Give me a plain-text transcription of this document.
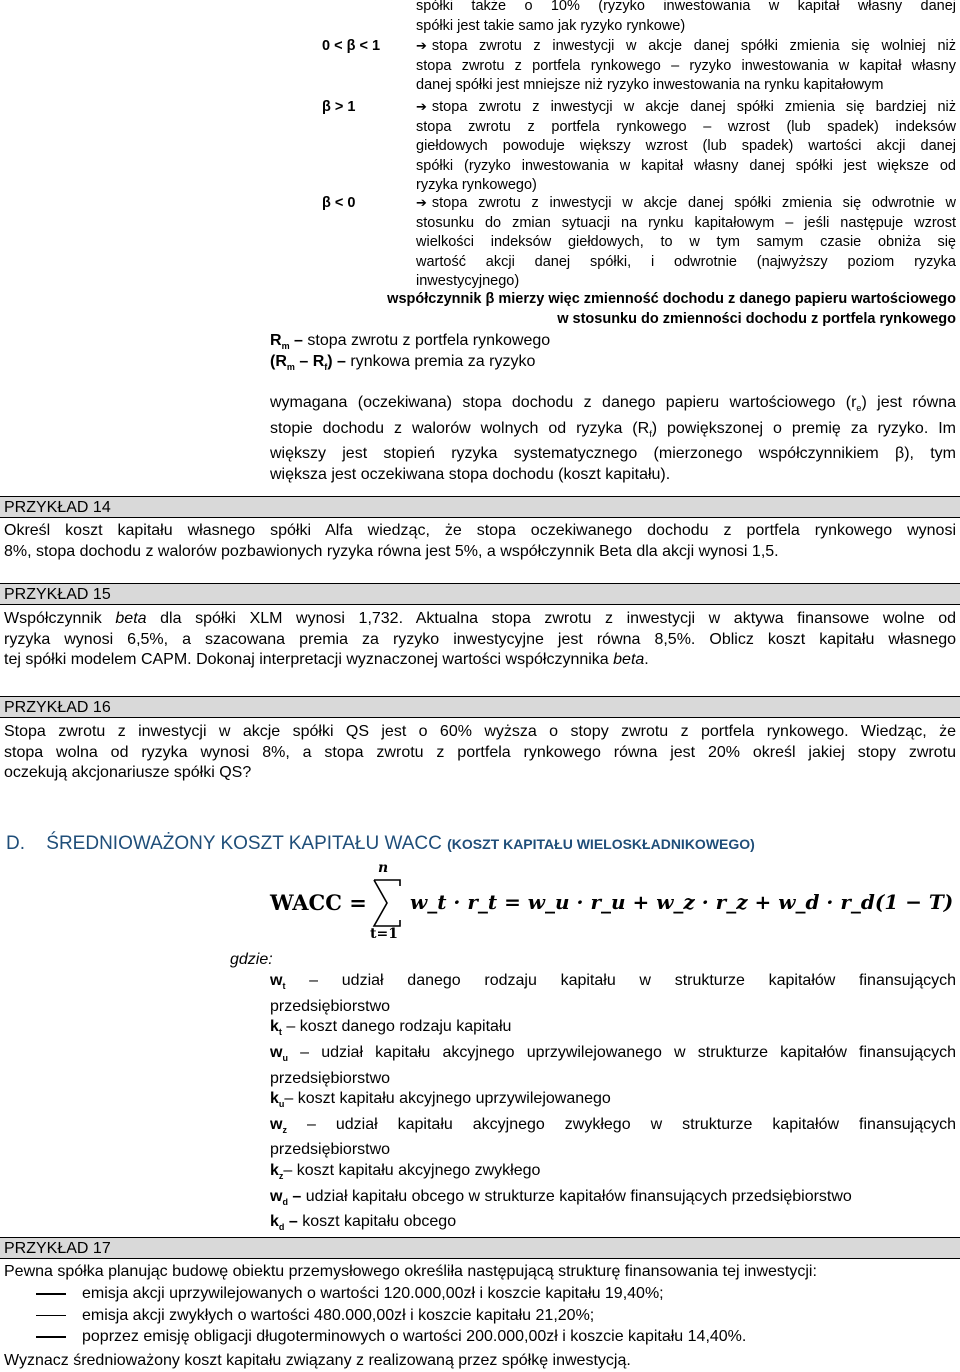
spółki także o 10% (ryzyko inwestowania w kapitał własny danej
spółki jest takie samo jak ryzyko rynkowe)
0 < β < 1	➔ stopa zwrotu z inwestycji w akcje danej spółki zmienia się wolniej niż
stopa zwrotu z portfela rynkowego – ryzyko inwestowania w kapitał własny
danej spółki jest mniejsze niż ryzyko inwestowania na rynku kapitałowym
β > 1	➔ stopa zwrotu z inwestycji w akcje danej spółki zmienia się bardziej niż
stopa zwrotu z portfela rynkowego – wzrost (lub spadek) indeksów
giełdowych powoduje większy wzrost (lub spadek) wartości akcji danej
spółki (ryzyko inwestowania w kapitał własny danej spółki jest większe od
ryzyka rynkowego)
β < 0	➔ stopa zwrotu z inwestycji w akcje danej spółki zmienia się odwrotnie w
stosunku do zmian sytuacji na rynku kapitałowym – jeśli następuje wzrost
wielkości indeksów giełdowych, to w tym samym czasie obniża się
wartość akcji danej spółki, i odwrotnie (najwyższy poziom ryzyka
inwestycyjnego)
współczynnik β mierzy więc zmienność dochodu z danego papieru wartościowego
w stosunku do zmienności dochodu z portfela rynkowego
$R_m$ – stopa zwrotu z portfela rynkowego
$(R_m - R_f)$ – rynkowa premia za ryzyko
wymagana (oczekiwana) stopa dochodu z danego papieru wartościowego $(r_e)$ jest równa
stopie dochodu z walorów wolnych od ryzyka $(R_f)$ powiększonej o premię za ryzyko. Im
większy jest stopień ryzyka systematycznego (mierzonego współczynnikiem β), tym
większa jest oczekiwana stopa dochodu (koszt kapitału).
PRZYKŁAD 14
Określ koszt kapitału własnego spółki Alfa wiedząc, że stopa oczekiwanego dochodu z portfela rynkowego wynosi
8%, stopa dochodu z walorów pozbawionych ryzyka równa jest 5%, a współczynnik Beta dla akcji wynosi 1,5.
PRZYKŁAD 15
Współczynnik beta dla spółki XLM wynosi 1,732. Aktualna stopa zwrotu z inwestycji w aktywa finansowe wolne od
ryzyka wynosi 6,5%, a szacowana premia za ryzyko inwestycyjne jest równa 8,5%. Oblicz koszt kapitału własnego
tej spółki modelem CAPM. Dokonaj interpretacji wyznaczonej wartości współczynnika beta.
PRZYKŁAD 16
Stopa zwrotu z inwestycji w akcje spółki QS jest o 60% wyższa o stopy zwrotu z portfela rynkowego. Wiedząc, że
stopa wolna od ryzyka wynosi 8%, a stopa zwrotu z portfela rynkowego równa jest 20% określ jakiej stopy zwrotu
oczekują akcjonariusze spółki QS?
D. ŚREDNIOWAŻONY KOSZT KAPITAŁU WACC (KOSZT KAPITAŁU WIELOSKŁADNIKOWEGO)
WACC =
n
t=1
w_t · r_t = w_u · r_u + w_z · r_z + w_d · r_d(1 − T)
gdzie:
$w_t$ – udział danego rodzaju kapitału w strukturze kapitałów finansujących
przedsiębiorstwo
$k_t$ – koszt danego rodzaju kapitału
$w_u$ – udział kapitału akcyjnego uprzywilejowanego w strukturze kapitałów finansujących
przedsiębiorstwo
$k_u-$ koszt kapitału akcyjnego uprzywilejowanego
$w_z$ – udział kapitału akcyjnego zwykłego w strukturze kapitałów finansujących
przedsiębiorstwo
$k_z-$ koszt kapitału akcyjnego zwykłego
$w_d$ – udział kapitału obcego w strukturze kapitałów finansujących przedsiębiorstwo
$k_d$ – koszt kapitału obcego
PRZYKŁAD 17
Pewna spółka planując budowę obiektu przemysłowego określiła następującą strukturę finansowania tej inwestycji:
emisja akcji uprzywilejowanych o wartości 120.000,00zł i koszcie kapitału 19,40%;
emisja akcji zwykłych o wartości 480.000,00zł i koszcie kapitału 21,20%;
poprzez emisję obligacji długoterminowych o wartości 200.000,00zł i koszcie kapitału 14,40%.
Wyznacz średnioważony koszt kapitału związany z realizowaną przez spółkę inwestycją.
